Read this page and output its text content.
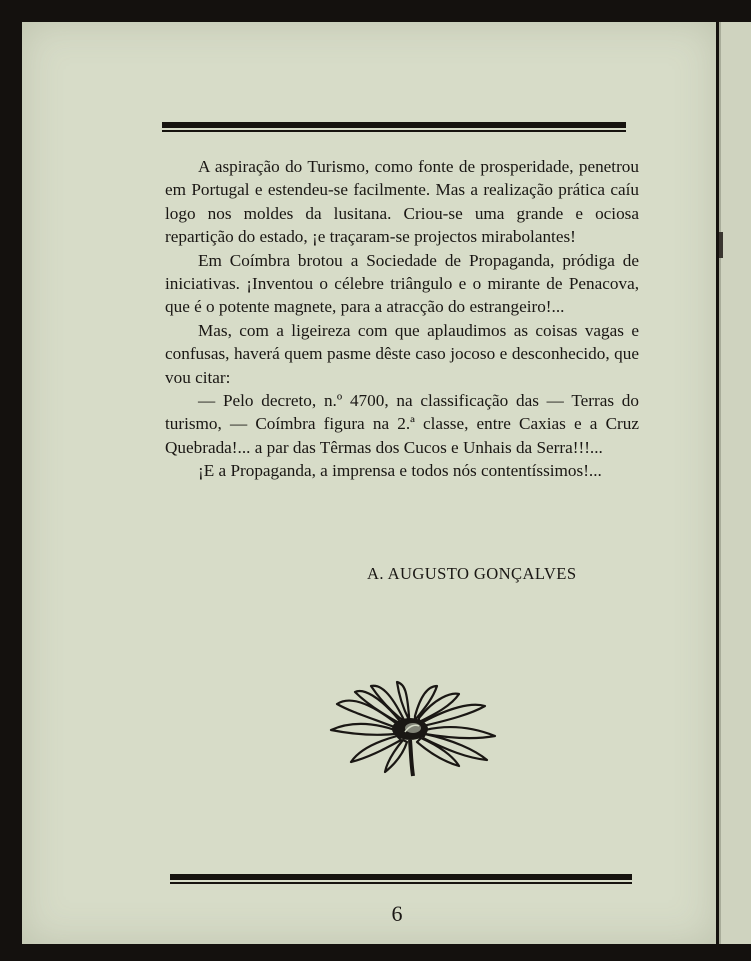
A aspiração do Turismo, como fonte de prosperidade, penetrou em Portugal e estendeu-se facilmente. Mas a realização prática caíu logo nos moldes da lusitana. Criou-se uma grande e ociosa repartição do estado, ¡e traçaram-se projectos mirabolantes!

Em Coímbra brotou a Sociedade de Propaganda, pródiga de iniciativas. ¡Inventou o célebre triângulo e o mirante de Penacova, que é o potente magnete, para a atracção do estrangeiro!...

Mas, com a ligeireza com que aplaudimos as coisas vagas e confusas, haverá quem pasme dêste caso jocoso e desconhecido, que vou citar:

— Pelo decreto, n.º 4700, na classificação das — Terras do turismo, — Coímbra figura na 2.ª classe, entre Caxias e a Cruz Quebrada!... a par das Têrmas dos Cucos e Unhais da Serra!!!...

¡E a Propaganda, a imprensa e todos nós contentíssimos!...

A. AUGUSTO GONÇALVES
6
